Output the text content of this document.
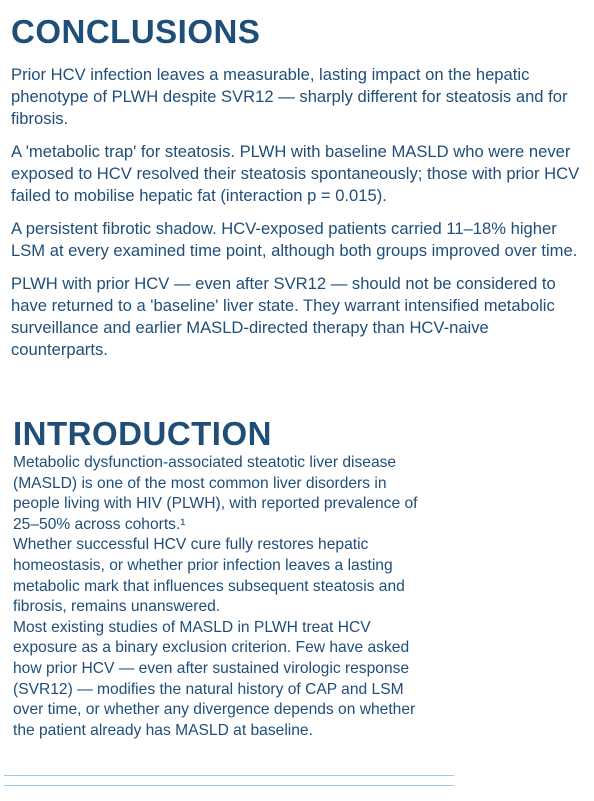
CONCLUSIONS

Prior HCV infection leaves a measurable, lasting impact on the hepatic phenotype of PLWH despite SVR12 — sharply different for steatosis and for fibrosis.

A 'metabolic trap' for steatosis. PLWH with baseline MASLD who were never exposed to HCV resolved their steatosis spontaneously; those with prior HCV failed to mobilise hepatic fat (interaction p = 0.015).

A persistent fibrotic shadow. HCV-exposed patients carried 11–18% higher LSM at every examined time point, although both groups improved over time.

PLWH with prior HCV — even after SVR12 — should not be considered to have returned to a 'baseline' liver state. They warrant intensified metabolic surveillance and earlier MASLD-directed therapy than HCV-naive counterparts.

INTRODUCTION

Metabolic dysfunction-associated steatotic liver disease

(MASLD) is one of the most common liver disorders in

people living with HIV (PLWH), with reported prevalence of

25–50% across cohorts.¹

Whether successful HCV cure fully restores hepatic

homeostasis, or whether prior infection leaves a lasting

metabolic mark that influences subsequent steatosis and

fibrosis, remains unanswered.

Most existing studies of MASLD in PLWH treat HCV

exposure as a binary exclusion criterion. Few have asked

how prior HCV — even after sustained virologic response

(SVR12) — modifies the natural history of CAP and LSM

over time, or whether any divergence depends on whether

the patient already has MASLD at baseline.
